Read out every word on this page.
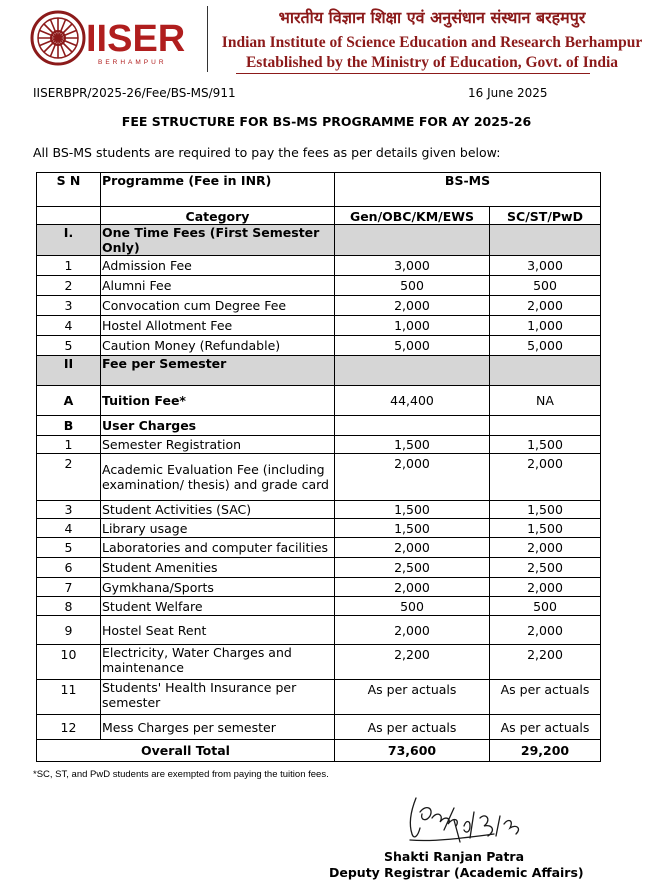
IISER
BERHAMPUR
भारतीय विज्ञान शिक्षा एवं अनुसंधान संस्थान बरहमपुर
Indian Institute of Science Education and Research Berhampur
Established by the Ministry of Education, Govt. of India
IISERBPR/2025-26/Fee/BS-MS/911	16 June 2025
FEE STRUCTURE FOR BS-MS PROGRAMME FOR AY 2025-26
All BS-MS students are required to pay the fees as per details given below:
S N	Programme (Fee in INR)	BS-MS	
	Category	Gen/OBC/KM/EWS	SC/ST/PwD
I.	One Time Fees (First Semester Only)		
1	Admission Fee	3,000	3,000
2	Alumni Fee	500	500
3	Convocation cum Degree Fee	2,000	2,000
4	Hostel Allotment Fee	1,000	1,000
5	Caution Money (Refundable)	5,000	5,000
II	Fee per Semester		
A	Tuition Fee*	44,400	NA
B	User Charges		
1	Semester Registration	1,500	1,500
2	Academic Evaluation Fee (including examination/ thesis) and grade card	2,000	2,000
3	Student Activities (SAC)	1,500	1,500
4	Library usage	1,500	1,500
5	Laboratories and computer facilities	2,000	2,000
6	Student Amenities	2,500	2,500
7	Gymkhana/Sports	2,000	2,000
8	Student Welfare	500	500
9	Hostel Seat Rent	2,000	2,000
10	Electricity, Water Charges and maintenance	2,200	2,200
11	Students' Health Insurance per semester	As per actuals	As per actuals
12	Mess Charges per semester	As per actuals	As per actuals
Overall Total		73,600	29,200
*SC, ST, and PwD students are exempted from paying the tuition fees.
Shakti Ranjan Patra
Deputy Registrar (Academic Affairs)
